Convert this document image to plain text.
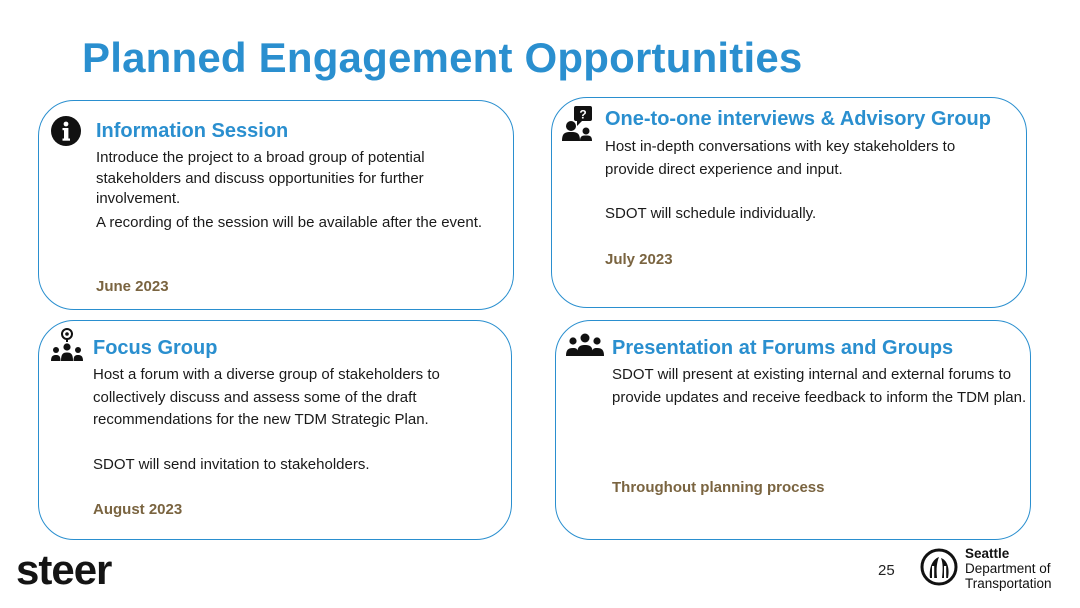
Planned Engagement Opportunities
Information Session

Introduce the project to a broad group of potential stakeholders and discuss opportunities for further involvement.

A recording of the session will be available after the event.

June 2023
? One-to-one interviews & Advisory Group

Host in-depth conversations with key stakeholders to provide direct experience and input.

SDOT will schedule individually.

July 2023
Focus Group

Host a forum with a diverse group of stakeholders to collectively discuss and assess some of the draft recommendations for the new TDM Strategic Plan.

SDOT will send invitation to stakeholders.

August 2023
Presentation at Forums and Groups

SDOT will present at existing internal and external forums to provide updates and receive feedback to inform the TDM plan.

Throughout planning process
steer	25
Seattle
Department of
Transportation
